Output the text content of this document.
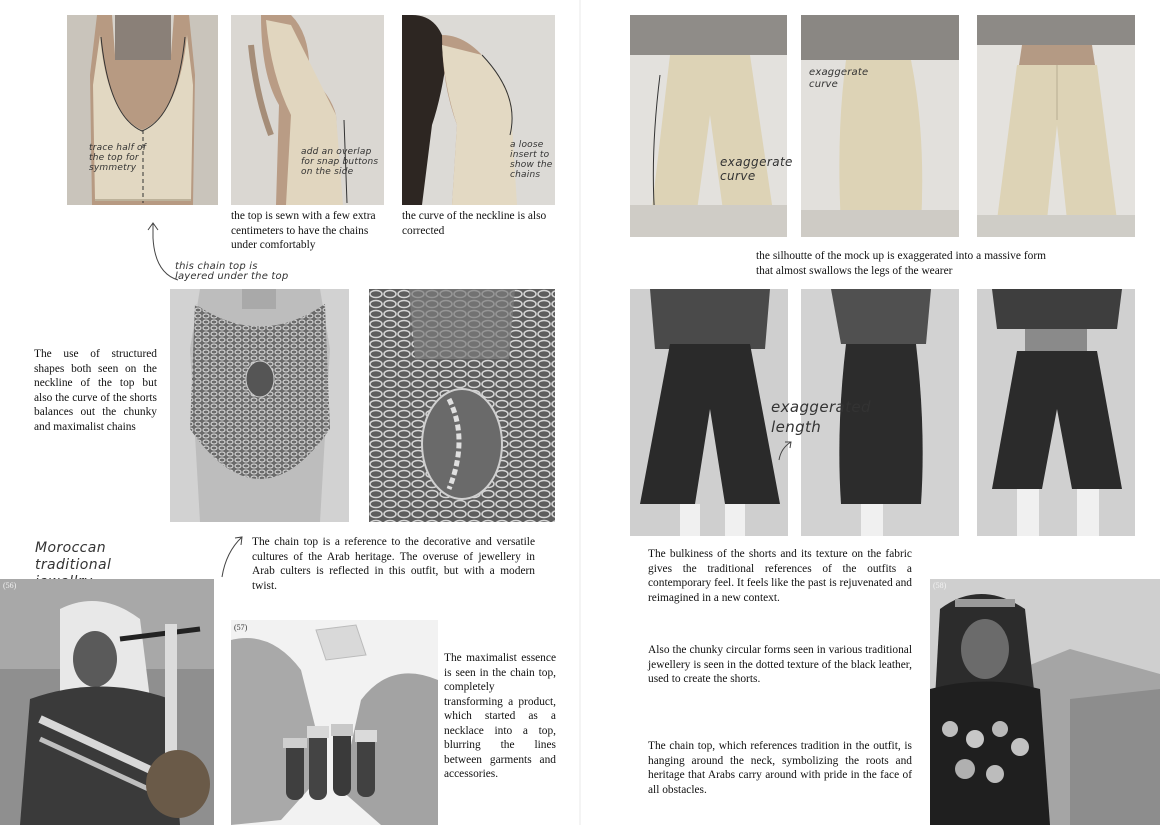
trace half of the top for symmetry
add an overlap for snap buttons on the side
a loose insert to show the chains
the top is sewn with a few extra centimeters to have the chains under comfortably
the curve of the neckline is also corrected
this chain top is layered under the top
The use of structured shapes both seen on the neckline of the top but also the curve of the shorts balances out the chunky and maximalist chains
Moroccan traditional
The chain top is a reference to the decorative and versatile cultures of the Arab heritage. The overuse of jewellery in Arab culters is reflected in this outfit, but with a modern twist.
(56)
(57)
The maximalist essence is seen in the chain top, completely transforming a product, which started as a necklace into a top, blurring the lines between garments and accessories.
exaggerate curve
exaggerate curve
the silhoutte of the mock up is exaggerated into a massive form that almost swallows the legs of the wearer
exaggerated length
The bulkiness of the shorts and its texture on the fabric gives the traditional references of the outfits a contemporary feel. It feels like the past is rejuvenated and reimagined in a new context.
Also the chunky circular forms seen in various traditional jewellery is seen in the dotted texture of the black leather, used to create the shorts.
The chain top, which references tradition in the outfit, is hanging around the neck, symbolizing the roots and heritage that Arabs carry around with pride in the face of all obstacles.
(58)
